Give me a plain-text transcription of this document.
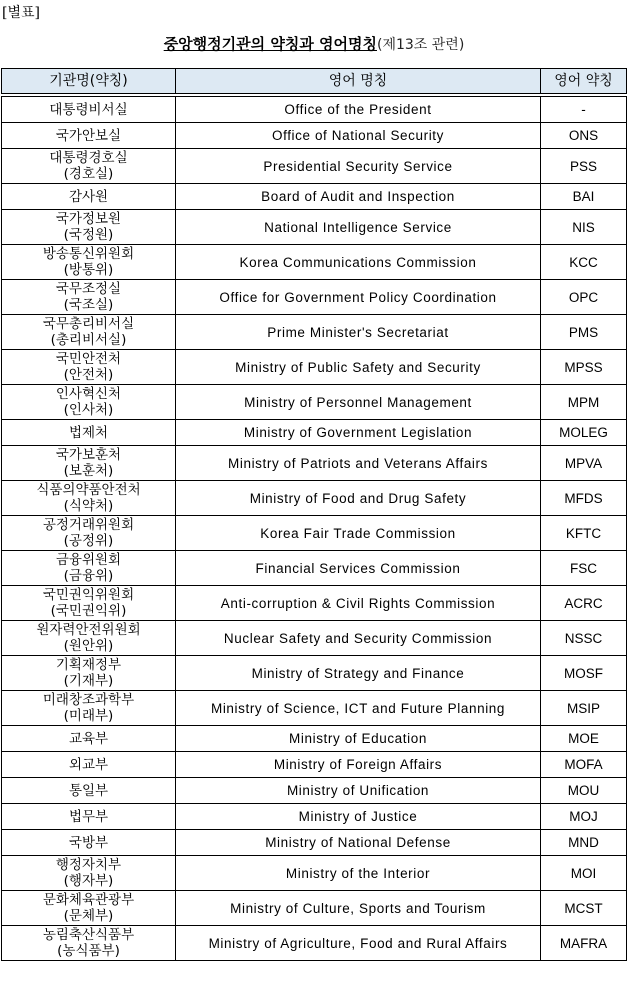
[별표]
중앙행정기관의 약칭과 영어명칭(제13조 관련)
기관명(약칭)	영어 명칭	영어 약칭

대통령비서실	Office of the President	-

국가안보실	Office of National Security	ONS

대통령경호실
(경호실)	Presidential Security Service	PSS

감사원	Board of Audit and Inspection	BAI

국가정보원
(국정원)	National Intelligence Service	NIS

방송통신위원회
(방통위)	Korea Communications Commission	KCC

국무조정실
(국조실)	Office for Government Policy Coordination	OPC

국무총리비서실
(총리비서실)	Prime Minister's Secretariat	PMS

국민안전처
(안전처)	Ministry of Public Safety and Security	MPSS

인사혁신처
(인사처)	Ministry of Personnel Management	MPM

법제처	Ministry of Government Legislation	MOLEG

국가보훈처
(보훈처)	Ministry of Patriots and Veterans Affairs	MPVA

식품의약품안전처
(식약처)	Ministry of Food and Drug Safety	MFDS

공정거래위원회
(공정위)	Korea Fair Trade Commission	KFTC

금융위원회
(금융위)	Financial Services Commission	FSC

국민권익위원회
(국민권익위)	Anti-corruption & Civil Rights Commission	ACRC

원자력안전위원회
(원안위)	Nuclear Safety and Security Commission	NSSC

기획재정부
(기재부)	Ministry of Strategy and Finance	MOSF

미래창조과학부
(미래부)	Ministry of Science, ICT and Future Planning	MSIP

교육부	Ministry of Education	MOE

외교부	Ministry of Foreign Affairs	MOFA

통일부	Ministry of Unification	MOU

법무부	Ministry of Justice	MOJ

국방부	Ministry of National Defense	MND

행정자치부
(행자부)	Ministry of the Interior	MOI

문화체육관광부
(문체부)	Ministry of Culture, Sports and Tourism	MCST

농림축산식품부
(농식품부)	Ministry of Agriculture, Food and Rural Affairs	MAFRA
